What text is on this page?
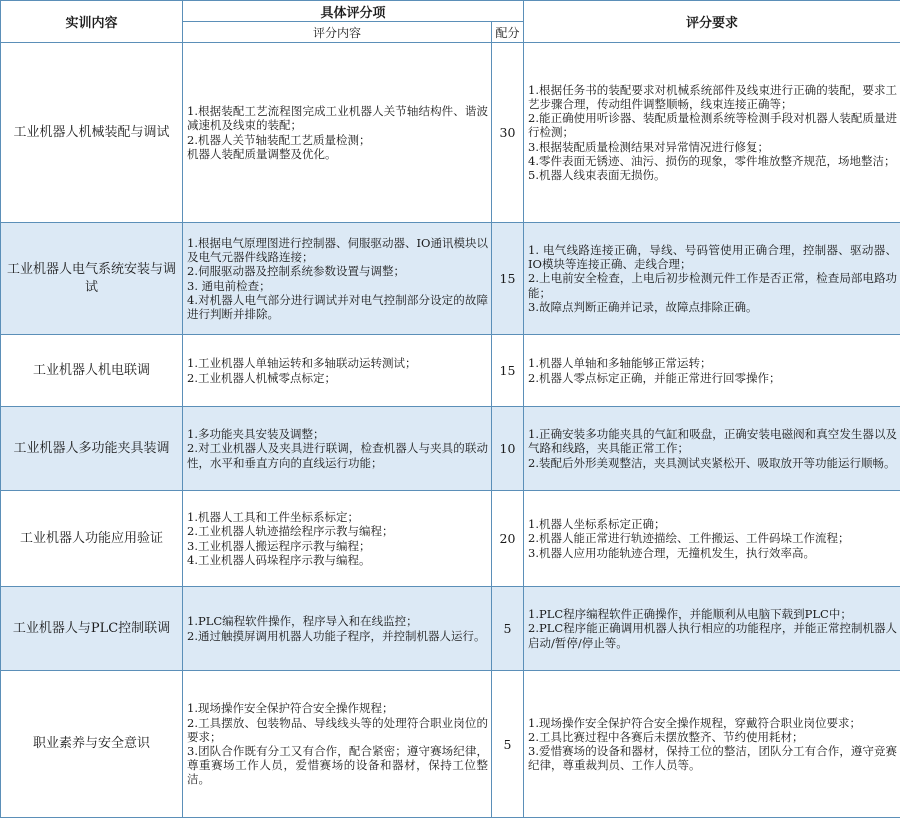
实训内容	具体评分项		评分要求
	评分内容	配分	
工业机器人机械装配与调试	1.根据装配工艺流程图完成工业机器人关节轴结构件、谐波减速机及线束的装配；
2.机器人关节轴装配工艺质量检测；
机器人装配质量调整及优化。	30	1.根据任务书的装配要求对机械系统部件及线束进行正确的装配，要求工艺步骤合理，传动组件调整顺畅，线束连接正确等；
2.能正确使用听诊器、装配质量检测系统等检测手段对机器人装配质量进行检测；
3.根据装配质量检测结果对异常情况进行修复；
4.零件表面无锈迹、油污、损伤的现象，零件堆放整齐规范，场地整洁；
5.机器人线束表面无损伤。

工业机器人电气系统安装与调试	1.根据电气原理图进行控制器、伺服驱动器、IO通讯模块以及电气元器件线路连接；
2.伺服驱动器及控制系统参数设置与调整；
3. 通电前检查；
4.对机器人电气部分进行调试并对电气控制部分设定的故障进行判断并排除。	15	1. 电气线路连接正确，导线、号码管使用正确合理，控制器、驱动器、IO模块等连接正确、走线合理；
2.上电前安全检查，上电后初步检测元件工作是否正常，检查局部电路功能；
3.故障点判断正确并记录，故障点排除正确。

工业机器人机电联调	1.工业机器人单轴运转和多轴联动运转测试；
2.工业机器人机械零点标定；	15	1.机器人单轴和多轴能够正常运转；
2.机器人零点标定正确，并能正常进行回零操作；

工业机器人多功能夹具装调	1.多功能夹具安装及调整；
2.对工业机器人及夹具进行联调，检查机器人与夹具的联动性，水平和垂直方向的直线运行功能；	10	1.正确安装多功能夹具的气缸和吸盘，正确安装电磁阀和真空发生器以及气路和线路，夹具能正常工作；
2.装配后外形美观整洁，夹具测试夹紧松开、吸取放开等功能运行顺畅。

工业机器人功能应用验证	1.机器人工具和工件坐标系标定；
2.工业机器人轨迹描绘程序示教与编程；
3.工业机器人搬运程序示教与编程；
4.工业机器人码垛程序示教与编程。	20	1.机器人坐标系标定正确；
2.机器人能正常进行轨迹描绘、工件搬运、工件码垛工作流程；
3.机器人应用功能轨迹合理，无撞机发生，执行效率高。

工业机器人与PLC控制联调	1.PLC编程软件操作，程序导入和在线监控；
2.通过触摸屏调用机器人功能子程序，并控制机器人运行。	5	1.PLC程序编程软件正确操作，并能顺利从电脑下载到PLC中；
2.PLC程序能正确调用机器人执行相应的功能程序，并能正常控制机器人启动/暂停/停止等。

职业素养与安全意识	1.现场操作安全保护符合安全操作规程；
2.工具摆放、包装物品、导线线头等的处理符合职业岗位的要求；
3.团队合作既有分工又有合作，配合紧密；遵守赛场纪律，尊重赛场工作人员，爱惜赛场的设备和器材，保持工位整洁。	5	1.现场操作安全保护符合安全操作规程，穿戴符合职业岗位要求；
2.工具比赛过程中各赛后未摆放整齐、节约使用耗材；
3.爱惜赛场的设备和器材，保持工位的整洁，团队分工有合作，遵守竞赛纪律，尊重裁判员、工作人员等。
